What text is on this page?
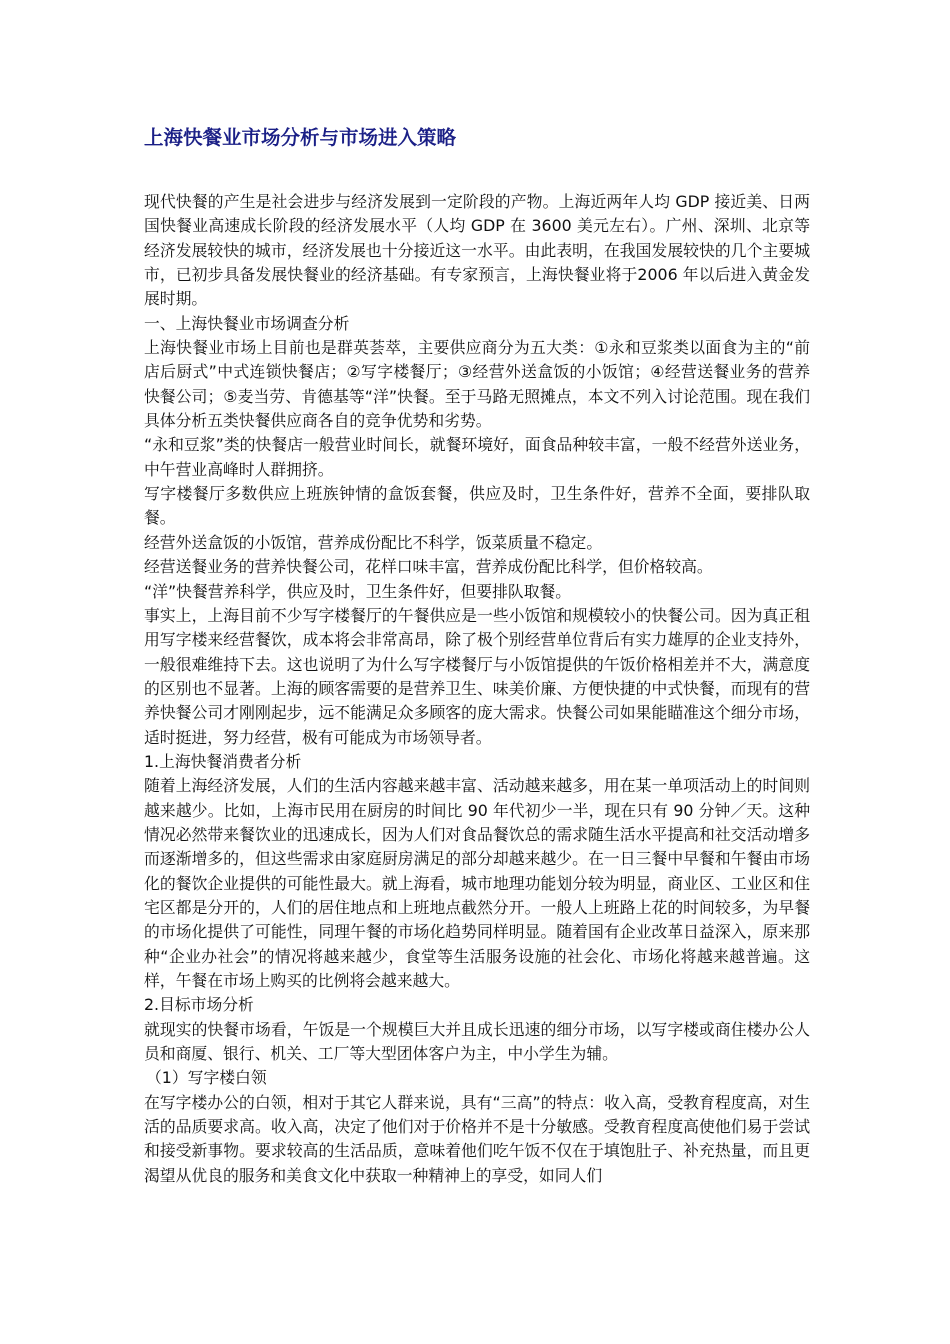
上海快餐业市场分析与市场进入策略

现代快餐的产生是社会进步与经济发展到一定阶段的产物。上海近两年人均 GDP 接近美、日两国快餐业高速成长阶段的经济发展水平（人均 GDP 在 3600 美元左右）。广州、深圳、北京等经济发展较快的城市，经济发展也十分接近这一水平。由此表明，在我国发展较快的几个主要城市，已初步具备发展快餐业的经济基础。有专家预言，上海快餐业将于2006 年以后进入黄金发展时期。

一、上海快餐业市场调查分析

上海快餐业市场上目前也是群英荟萃，主要供应商分为五大类：①永和豆浆类以面食为主的“前店后厨式”中式连锁快餐店；②写字楼餐厅；③经营外送盒饭的小饭馆；④经营送餐业务的营养快餐公司；⑤麦当劳、肯德基等“洋”快餐。至于马路无照摊点，本文不列入讨论范围。现在我们具体分析五类快餐供应商各自的竞争优势和劣势。

“永和豆浆”类的快餐店一般营业时间长，就餐环境好，面食品种较丰富，一般不经营外送业务，中午营业高峰时人群拥挤。

写字楼餐厅多数供应上班族钟情的盒饭套餐，供应及时，卫生条件好，营养不全面，要排队取餐。

经营外送盒饭的小饭馆，营养成份配比不科学，饭菜质量不稳定。

经营送餐业务的营养快餐公司，花样口味丰富，营养成份配比科学，但价格较高。

“洋”快餐营养科学，供应及时，卫生条件好，但要排队取餐。

事实上，上海目前不少写字楼餐厅的午餐供应是一些小饭馆和规模较小的快餐公司。因为真正租用写字楼来经营餐饮，成本将会非常高昂，除了极个别经营单位背后有实力雄厚的企业支持外，一般很难维持下去。这也说明了为什么写字楼餐厅与小饭馆提供的午饭价格相差并不大，满意度的区别也不显著。上海的顾客需要的是营养卫生、味美价廉、方便快捷的中式快餐，而现有的营养快餐公司才刚刚起步，远不能满足众多顾客的庞大需求。快餐公司如果能瞄准这个细分市场，适时挺进，努力经营，极有可能成为市场领导者。

1.上海快餐消费者分析

随着上海经济发展，人们的生活内容越来越丰富、活动越来越多，用在某一单项活动上的时间则越来越少。比如，上海市民用在厨房的时间比 90 年代初少一半，现在只有 90 分钟／天。这种情况必然带来餐饮业的迅速成长，因为人们对食品餐饮总的需求随生活水平提高和社交活动增多而逐渐增多的，但这些需求由家庭厨房满足的部分却越来越少。在一日三餐中早餐和午餐由市场化的餐饮企业提供的可能性最大。就上海看，城市地理功能划分较为明显，商业区、工业区和住宅区都是分开的，人们的居住地点和上班地点截然分开。一般人上班路上花的时间较多，为早餐的市场化提供了可能性，同理午餐的市场化趋势同样明显。随着国有企业改革日益深入，原来那种“企业办社会”的情况将越来越少，食堂等生活服务设施的社会化、市场化将越来越普遍。这样，午餐在市场上购买的比例将会越来越大。

2.目标市场分析

就现实的快餐市场看，午饭是一个规模巨大并且成长迅速的细分市场，以写字楼或商住楼办公人员和商厦、银行、机关、工厂等大型团体客户为主，中小学生为辅。

（1）写字楼白领

在写字楼办公的白领，相对于其它人群来说，具有“三高”的特点：收入高，受教育程度高，对生活的品质要求高。收入高，决定了他们对于价格并不是十分敏感。受教育程度高使他们易于尝试和接受新事物。要求较高的生活品质，意味着他们吃午饭不仅在于填饱肚子、补充热量，而且更渴望从优良的服务和美食文化中获取一种精神上的享受，如同人们
